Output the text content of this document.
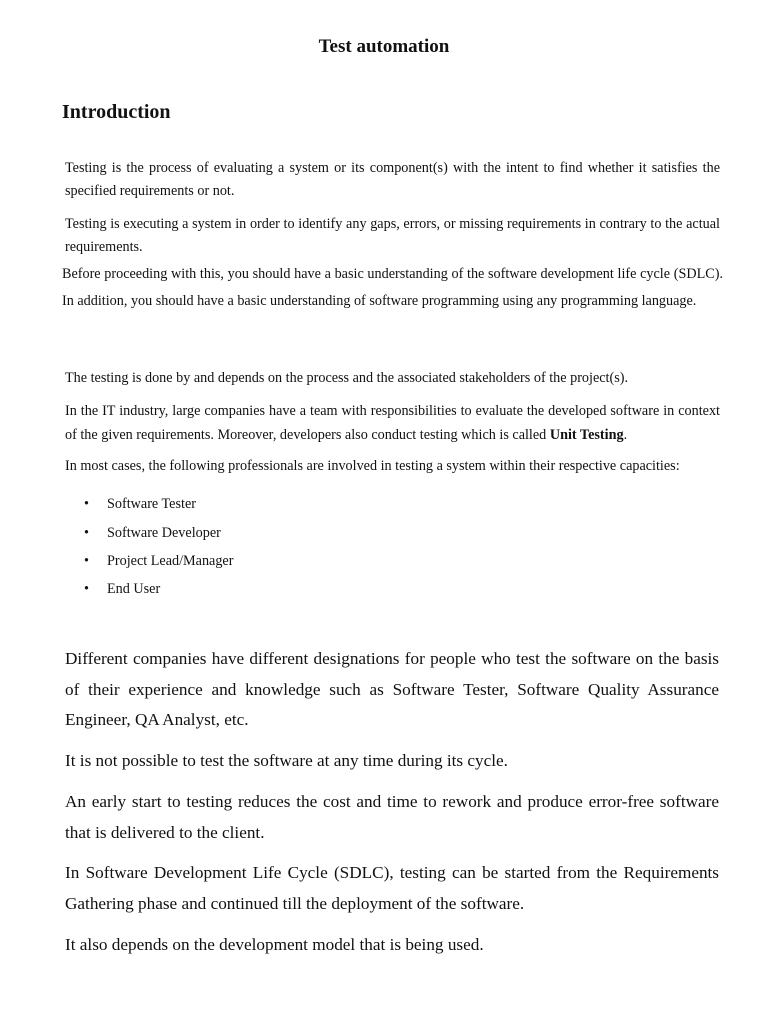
Test automation
Introduction

Testing is the process of evaluating a system or its component(s) with the intent to find whether it satisfies the specified requirements or not.

Testing is executing a system in order to identify any gaps, errors, or missing requirements in contrary to the actual requirements.

Before proceeding with this, you should have a basic understanding of the software development life cycle (SDLC). In addition, you should have a basic understanding of software programming using any programming language.

The testing is done by and depends on the process and the associated stakeholders of the project(s).

In the IT industry, large companies have a team with responsibilities to evaluate the developed software in context of the given requirements. Moreover, developers also conduct testing which is called Unit Testing.

In most cases, the following professionals are involved in testing a system within their respective capacities:

• Software Tester
• Software Developer
• Project Lead/Manager
• End User

Different companies have different designations for people who test the software on the basis of their experience and knowledge such as Software Tester, Software Quality Assurance Engineer, QA Analyst, etc.

It is not possible to test the software at any time during its cycle.

An early start to testing reduces the cost and time to rework and produce error-free software that is delivered to the client.

In Software Development Life Cycle (SDLC), testing can be started from the Requirements Gathering phase and continued till the deployment of the software.

It also depends on the development model that is being used.
